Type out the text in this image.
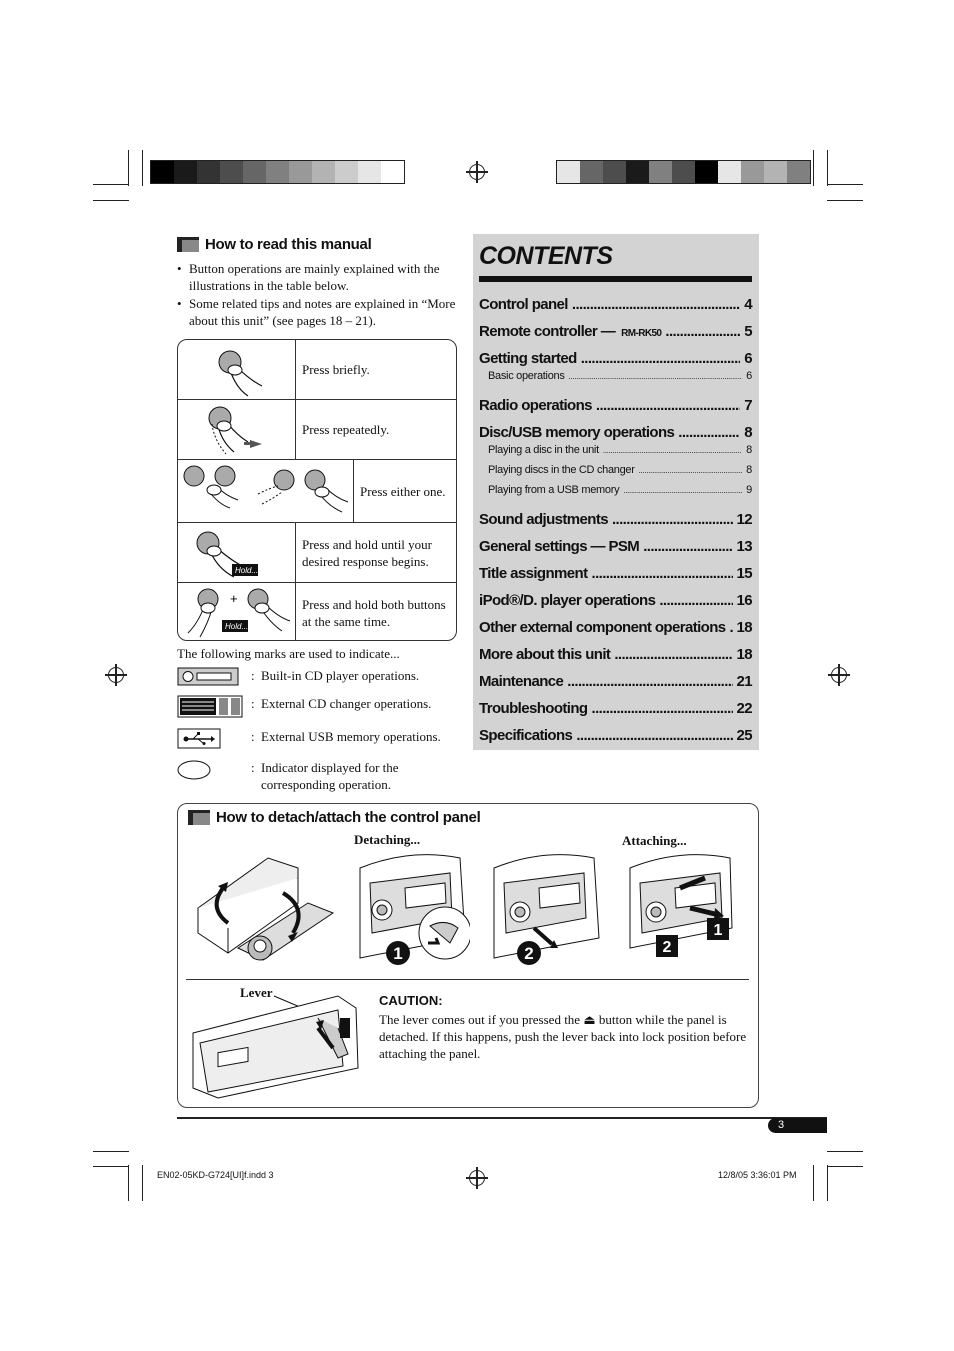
How to read this manual
• Button operations are mainly explained with the illustrations in the table below.
• Some related tips and notes are explained in “More about this unit” (see pages 18 – 21).
Press briefly.
Press repeatedly.
Press either one.
Hold...
Press and hold until your desired response begins.
+
Hold...
Press and hold both buttons at the same time.
The following marks are used to indicate...
: Built-in CD player operations.
: External CD changer operations.
: External USB memory operations.
: Indicator displayed for the corresponding operation.
CONTENTS
Control panel .....	4
Remote controller — RM-RK50 .....	5
Getting started .....	6
Basic operations .....	6
Radio operations .....	7
Disc/USB memory operations .....	8
Playing a disc in the unit .....	8
Playing discs in the CD changer .....	8
Playing from a USB memory .....	9
Sound adjustments .....	12
General settings — PSM .....	13
Title assignment .....	15
iPod®/D. player operations .....	16
Other external component operations ..... 18
More about this unit .....	18
Maintenance .....	21
Troubleshooting .....	22
Specifications .....	25
How to detach/attach the control panel
Detaching...	Attaching...
1	2	2
1
Lever
CAUTION:
The lever comes out if you pressed the ⏏ button while the panel is detached. If this happens, push the lever back into lock position before attaching the panel.
3
EN02-05KD-G724[UI]f.indd 3	12/8/05 3:36:01 PM
